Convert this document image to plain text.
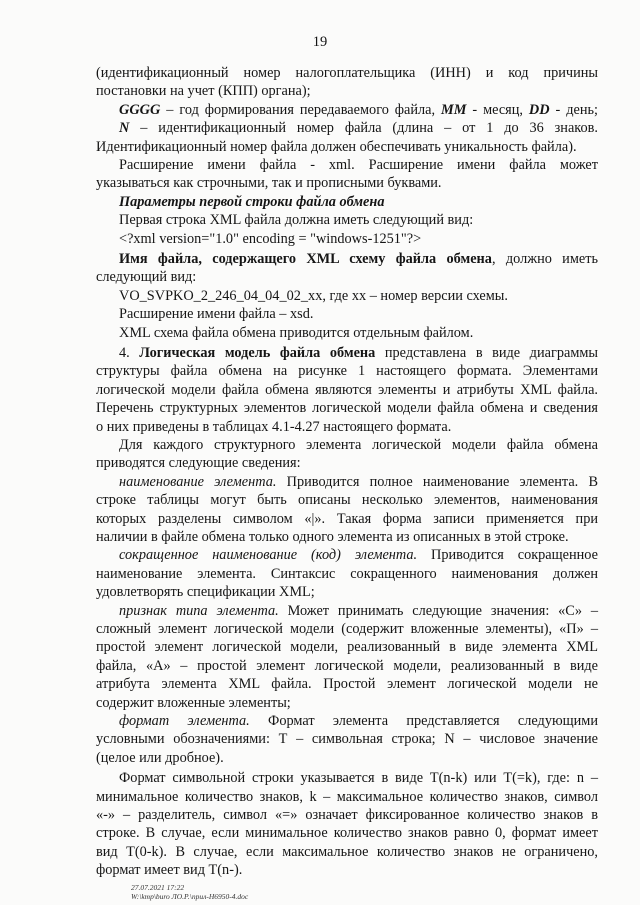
19
(идентификационный номер налогоплательщика (ИНН) и код причины
постановки на учет (КПП) органа);
GGGG – год формирования передаваемого файла, MM - месяц, DD - день;
N – идентификационный номер файла (длина – от 1 до 36 знаков.
Идентификационный номер файла должен обеспечивать уникальность файла).
Расширение имени файла - xml. Расширение имени файла может
указываться как строчными, так и прописными буквами.
Параметры первой строки файла обмена
Первая строка XML файла должна иметь следующий вид:
<?xml version="1.0" encoding = "windows-1251"?>
Имя файла, содержащего XML схему файла обмена, должно иметь
следующий вид:
VO_SVPKO_2_246_04_04_02_xx, где xx – номер версии схемы.
Расширение имени файла – xsd.
XML схема файла обмена приводится отдельным файлом.
4. Логическая модель файла обмена представлена в виде диаграммы
структуры файла обмена на рисунке 1 настоящего формата. Элементами
логической модели файла обмена являются элементы и атрибуты XML файла.
Перечень структурных элементов логической модели файла обмена и сведения
о них приведены в таблицах 4.1-4.27 настоящего формата.
Для каждого структурного элемента логической модели файла обмена
приводятся следующие сведения:
наименование элемента. Приводится полное наименование элемента. В
строке таблицы могут быть описаны несколько элементов, наименования
которых разделены символом «|». Такая форма записи применяется при
наличии в файле обмена только одного элемента из описанных в этой строке.
сокращенное наименование (код) элемента. Приводится сокращенное
наименование элемента. Синтаксис сокращенного наименования должен
удовлетворять спецификации XML;
признак типа элемента. Может принимать следующие значения: «С» –
сложный элемент логической модели (содержит вложенные элементы), «П» –
простой элемент логической модели, реализованный в виде элемента XML
файла, «А» – простой элемент логической модели, реализованный в виде
атрибута элемента XML файла. Простой элемент логической модели не
содержит вложенные элементы;
формат элемента. Формат элемента представляется следующими
условными обозначениями: Т – символьная строка; N – числовое значение
(целое или дробное).
Формат символьной строки указывается в виде Т(n-k) или Т(=k), где: n –
минимальное количество знаков, k – максимальное количество знаков, символ
«-» – разделитель, символ «=» означает фиксированное количество знаков в
строке. В случае, если минимальное количество знаков равно 0, формат имеет
вид Т(0-k). В случае, если максимальное количество знаков не ограничено,
формат имеет вид Т(n-).
27.07.2021 17:22
W:\kmp\buro ЛО.Р.\прил-Н6950-4.doc
